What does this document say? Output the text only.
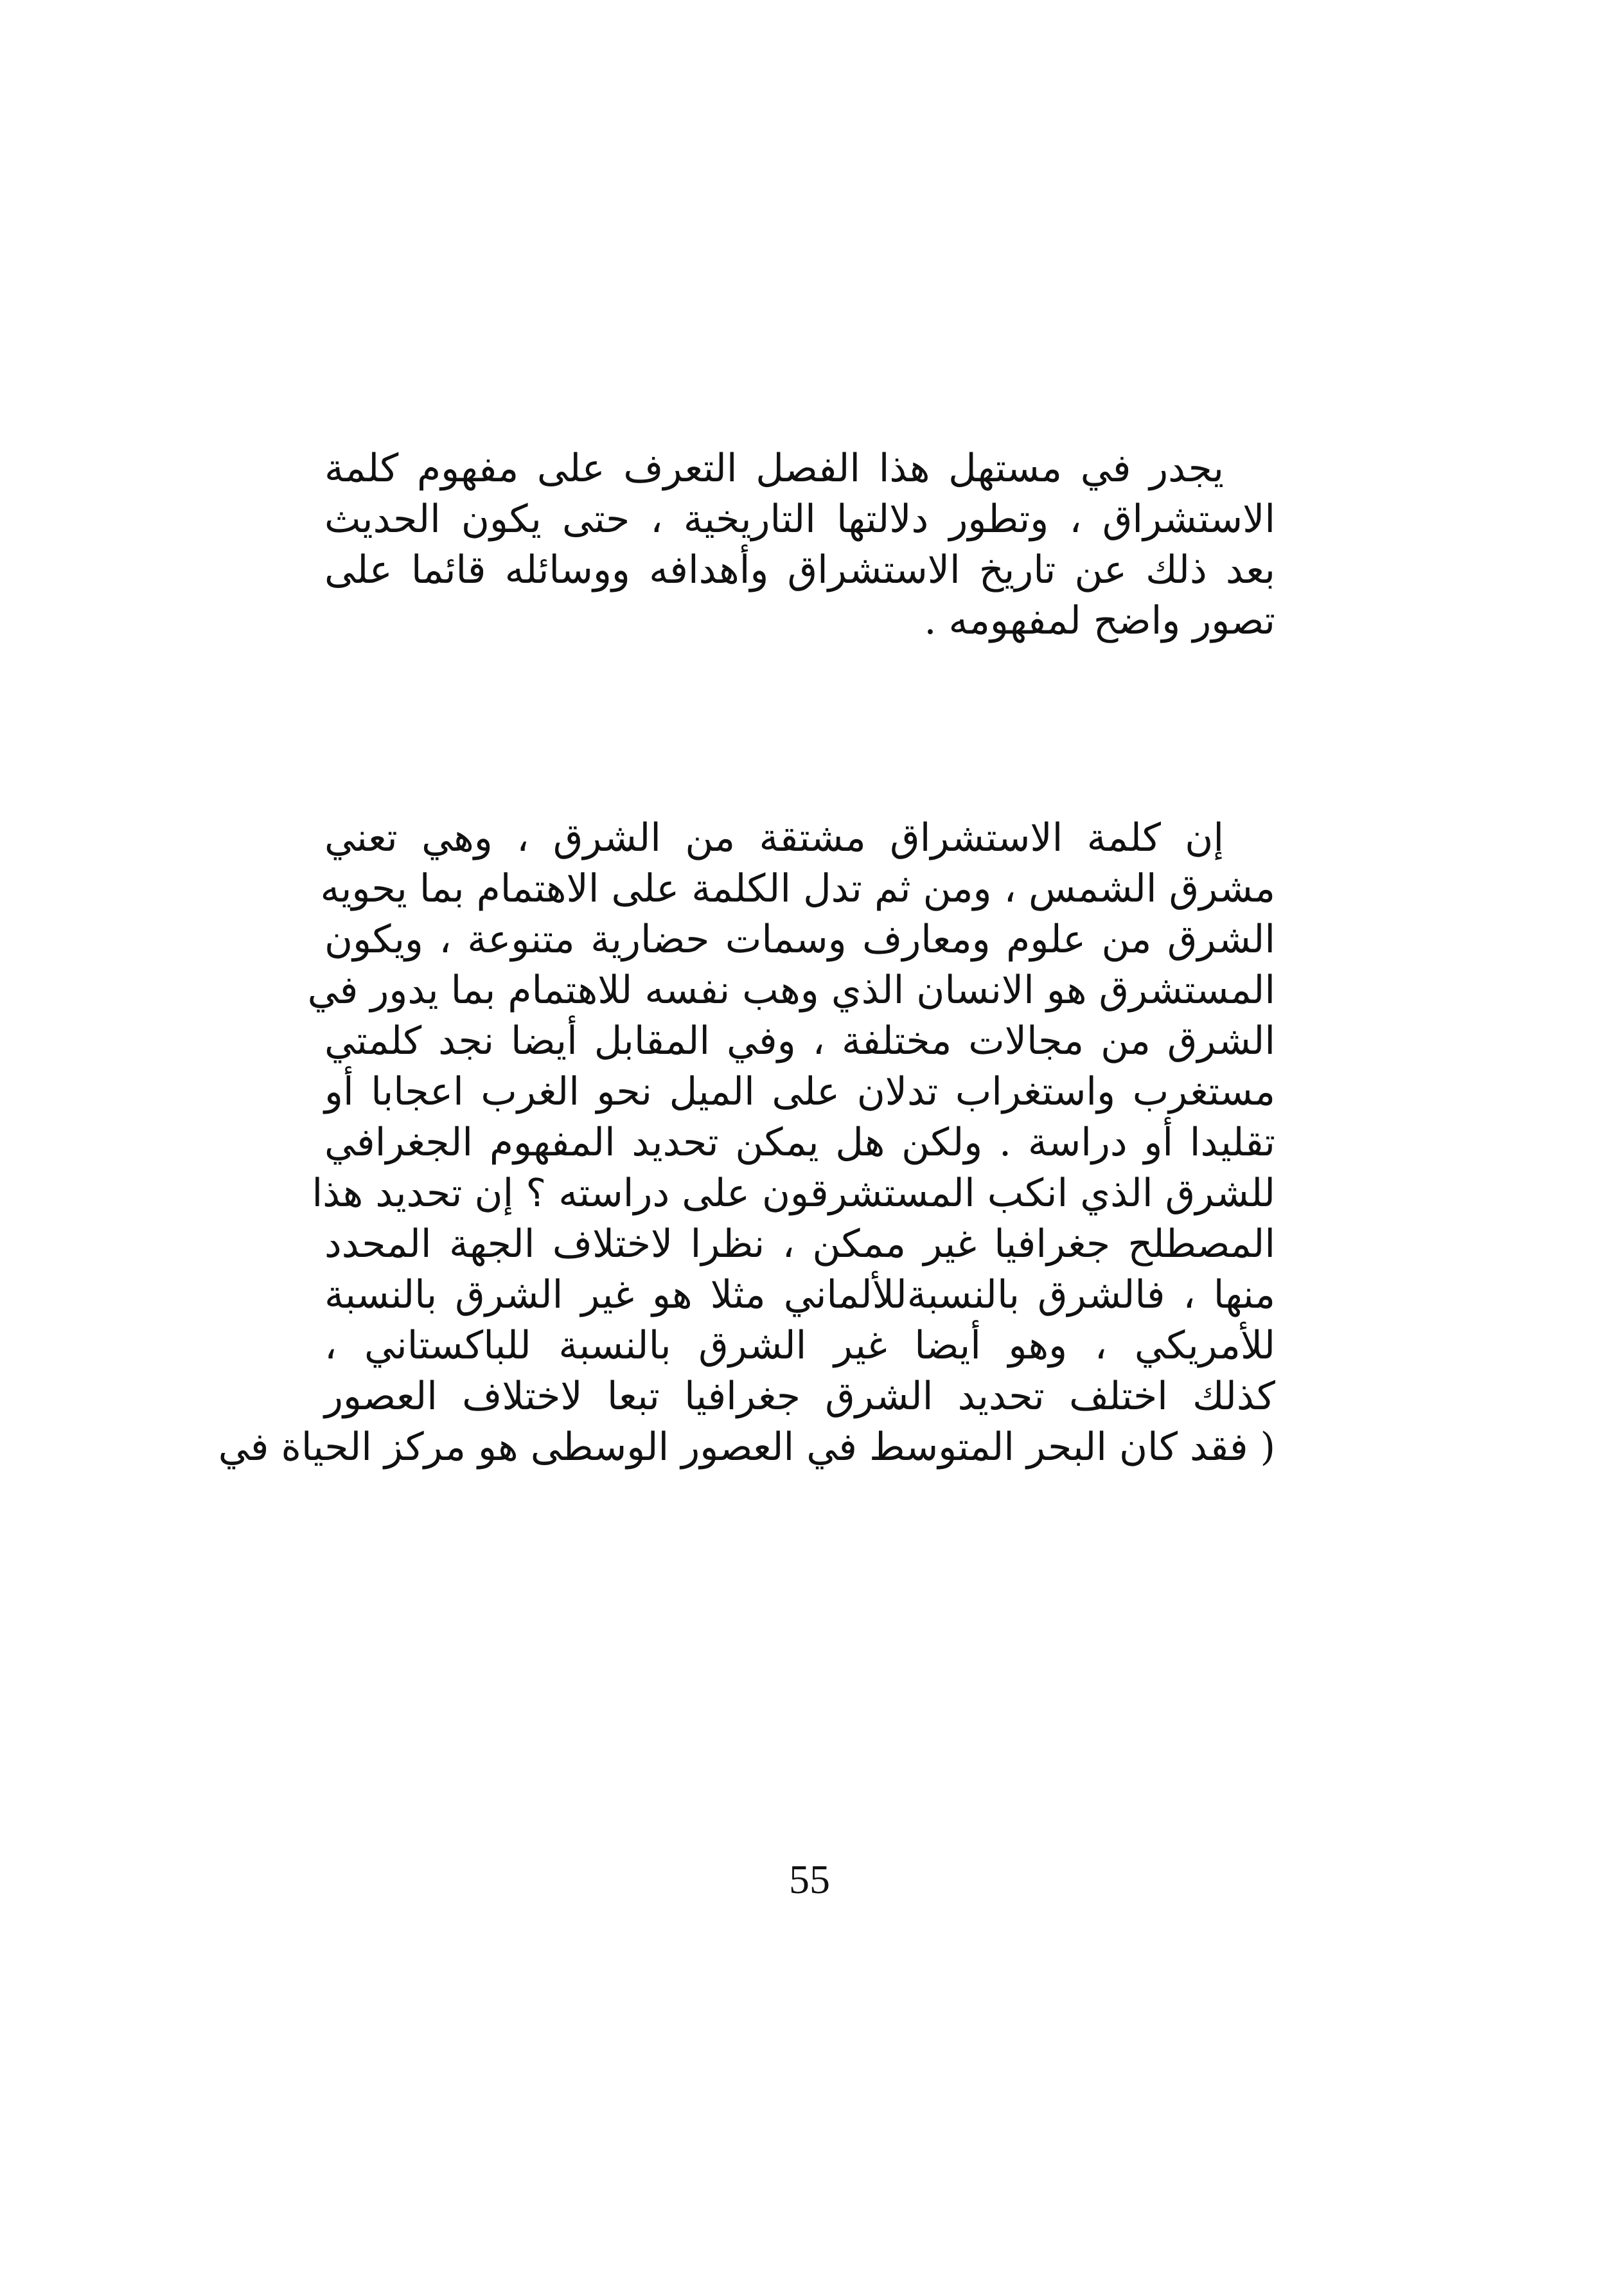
يجدر في مستهل هذا الفصل التعرف على مفهوم كلمة
الاستشراق ، وتطور دلالتها التاريخية ، حتى يكون الحديث
بعد ذلك عن تاريخ الاستشراق وأهدافه ووسائله قائما على
تصور واضح لمفهومه .
إن كلمة الاستشراق مشتقة من الشرق ، وهي تعني
مشرق الشمس ، ومن ثم تدل الكلمة على الاهتمام بما يحويه
الشرق من علوم ومعارف وسمات حضارية متنوعة ، ويكون
المستشرق هو الانسان الذي وهب نفسه للاهتمام بما يدور في
الشرق من مجالات مختلفة ، وفي المقابل أيضا نجد كلمتي
مستغرب واستغراب تدلان على الميل نحو الغرب اعجابا أو
تقليدا أو دراسة . ولكن هل يمكن تحديد المفهوم الجغرافي
للشرق الذي انكب المستشرقون على دراسته ؟ إن تحديد هذا
المصطلح جغرافيا غير ممكن ، نظرا لاختلاف الجهة المحدد
منها ، فالشرق بالنسبةللألماني مثلا هو غير الشرق بالنسبة
للأمريكي ، وهو أيضا غير الشرق بالنسبة للباكستاني ،
كذلك اختلف تحديد الشرق جغرافيا تبعا لاختلاف العصور
( فقد كان البحر المتوسط في العصور الوسطى هو مركز الحياة في
55
